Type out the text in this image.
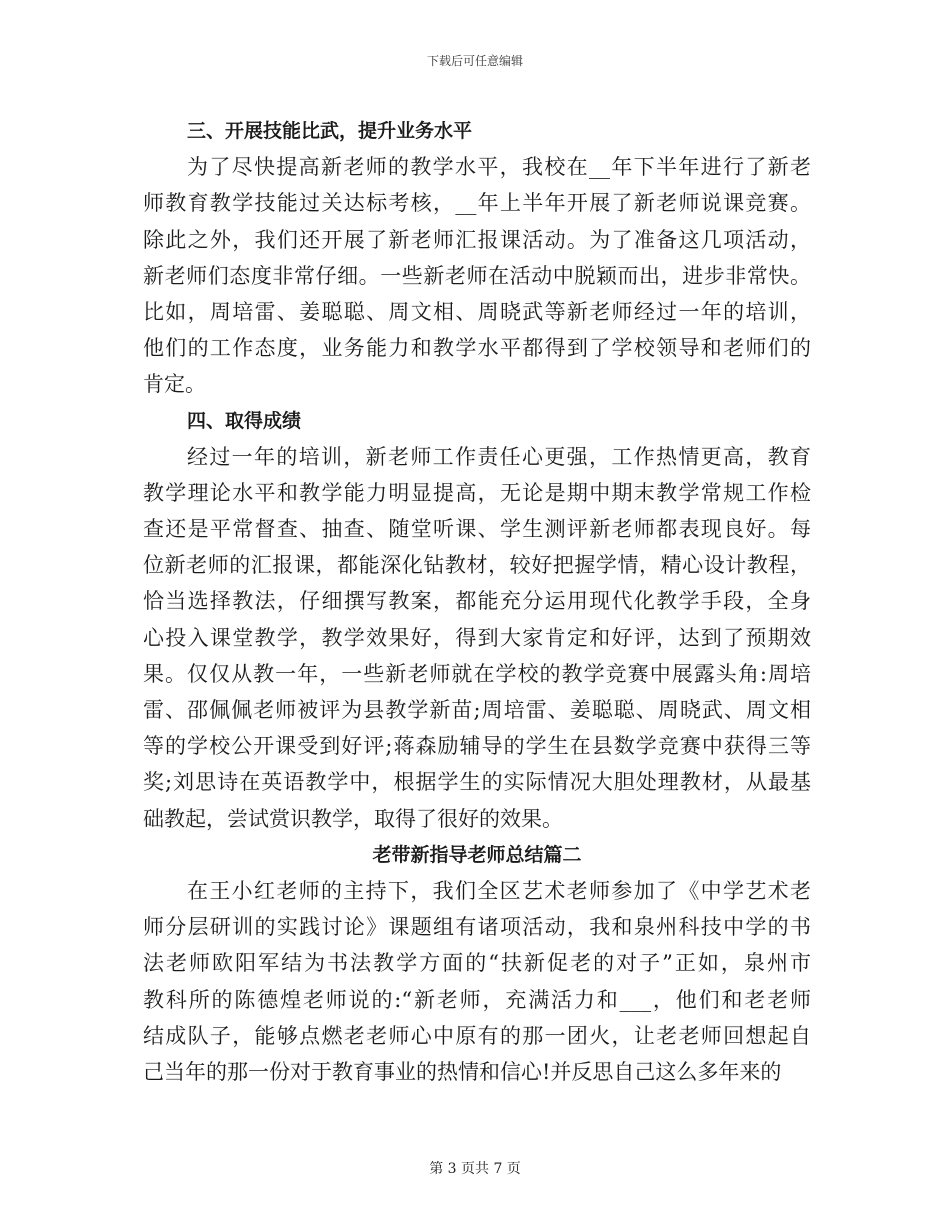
下载后可任意编辑
三、开展技能比武，提升业务水平
为了尽快提高新老师的教学水平，我校在__年下半年进行了新老
师教育教学技能过关达标考核，__年上半年开展了新老师说课竞赛。
除此之外，我们还开展了新老师汇报课活动。为了准备这几项活动，
新老师们态度非常仔细。一些新老师在活动中脱颖而出，进步非常快。
比如，周培雷、姜聪聪、周文相、周晓武等新老师经过一年的培训，
他们的工作态度，业务能力和教学水平都得到了学校领导和老师们的
肯定。
四、取得成绩
经过一年的培训，新老师工作责任心更强，工作热情更高，教育
教学理论水平和教学能力明显提高，无论是期中期末教学常规工作检
查还是平常督查、抽查、随堂听课、学生测评新老师都表现良好。每
位新老师的汇报课，都能深化钻教材，较好把握学情，精心设计教程，
恰当选择教法，仔细撰写教案，都能充分运用现代化教学手段，全身
心投入课堂教学，教学效果好，得到大家肯定和好评，达到了预期效
果。仅仅从教一年，一些新老师就在学校的教学竞赛中展露头角:周培
雷、邵佩佩老师被评为县教学新苗;周培雷、姜聪聪、周晓武、周文相
等的学校公开课受到好评;蒋森励辅导的学生在县数学竞赛中获得三等
奖;刘思诗在英语教学中，根据学生的实际情况大胆处理教材，从最基
础教起，尝试赏识教学，取得了很好的效果。
老带新指导老师总结篇二
在王小红老师的主持下，我们全区艺术老师参加了《中学艺术老
师分层研训的实践讨论》课题组有诸项活动，我和泉州科技中学的书
法老师欧阳军结为书法教学方面的“扶新促老的对子”正如，泉州市
教科所的陈德煌老师说的:“新老师，充满活力和___，他们和老老师
结成队子，能够点燃老老师心中原有的那一团火，让老老师回想起自
己当年的那一份对于教育事业的热情和信心!并反思自己这么多年来的
第 3 页共 7 页
